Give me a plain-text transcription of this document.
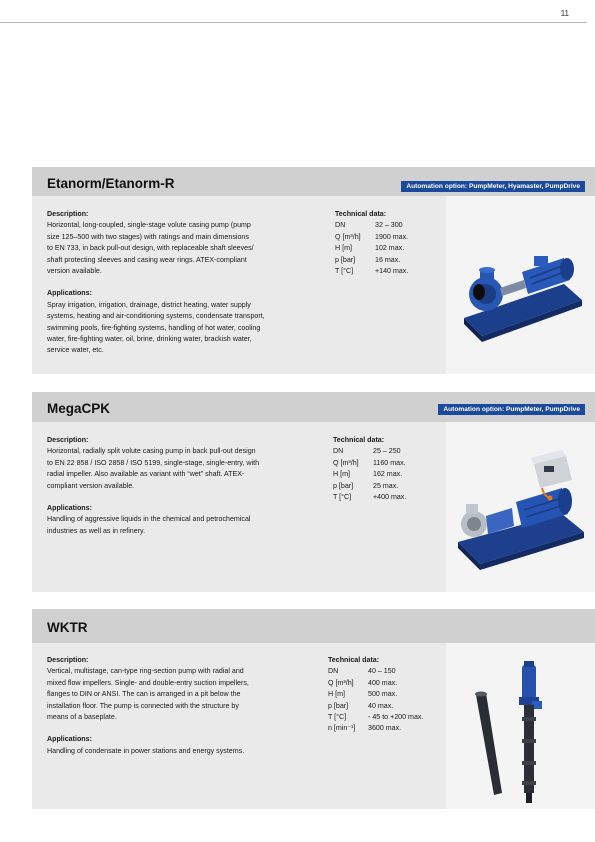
11
Etanorm/Etanorm-R	Automation option: PumpMeter, Hyamaster, PumpDrive
Description:
Horizontal, long-coupled, single-stage volute casing pump (pump
size 125–500 with two stages) with ratings and main dimensions
to EN 733, in back pull-out design, with replaceable shaft sleeves/
shaft protecting sleeves and casing wear rings. ATEX-compliant
version available.
Applications:
Spray irrigation, irrigation, drainage, district heating, water supply
systems, heating and air-conditioning systems, condensate transport,
swimming pools, fire-fighting systems, handling of hot water, cooling
water, fire-fighting water, oil, brine, drinking water, brackish water,
service water, etc.
Technical data:
DN	32 – 300
Q [m³/h] 1900 max.
H [m]	102 max.
p [bar]	16 max.
T [°C]	+140 max.
MegaCPK	Automation option: PumpMeter, PumpDrive
Description:
Horizontal, radially split volute casing pump in back pull-out design
to EN 22 858 / ISO 2858 / ISO 5199, single-stage, single-entry, with
radial impeller. Also available as variant with “wet” shaft. ATEX-
compliant version available.
Applications:
Handling of aggressive liquids in the chemical and petrochemical
industries as well as in refinery.
Technical data:
DN	25 – 250
Q [m³/h] 1160 max.
H [m]	162 max.
p [bar]	25 max.
T [°C]	+400 max.
WKTR
Description:
Vertical, multistage, can-type ring-section pump with radial and
mixed flow impellers. Single- and double-entry suction impellers,
flanges to DIN or ANSI. The can is arranged in a pit below the
installation floor. The pump is connected with the structure by
means of a baseplate.
Applications:
Handling of condensate in power stations and energy systems.
Technical data:
DN	40 – 150
Q [m³/h] 400 max.
H [m]	500 max.
p [bar]	40 max.
T [°C]	- 45 to +200 max.
n [min⁻¹] 3600 max.
